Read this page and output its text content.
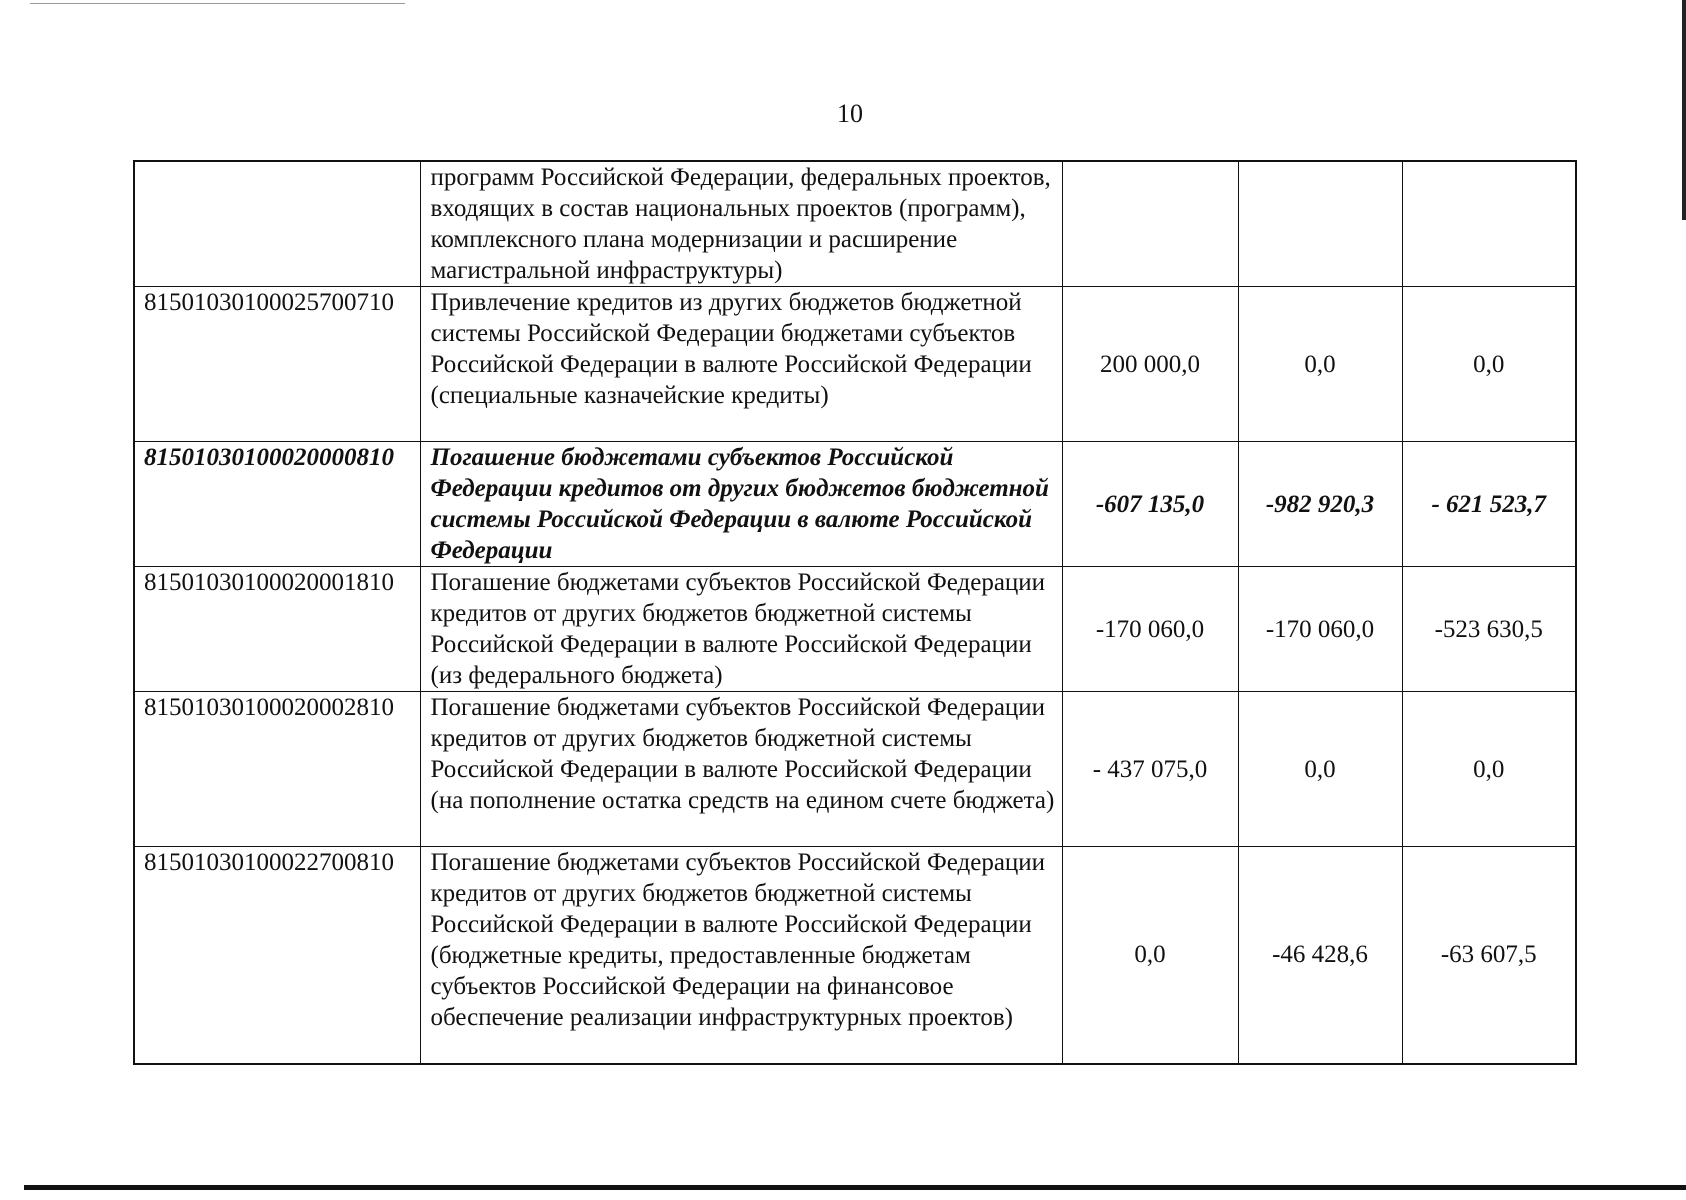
10
	программ Российской Федерации, федеральных проектов, входящих в состав национальных проектов (программ), комплексного плана модернизации и расширение магистральной инфраструктуры)			
81501030100025700710	Привлечение кредитов из других бюджетов бюджетной системы Российской Федерации бюджетами субъектов Российской Федерации в валюте Российской Федерации (специальные казначейские кредиты)	200 000,0	0,0	0,0
81501030100020000810	Погашение бюджетами субъектов Российской Федерации кредитов от других бюджетов бюджетной системы Российской Федерации в валюте Российской Федерации	-607 135,0	-982 920,3	- 621 523,7
81501030100020001810	Погашение бюджетами субъектов Российской Федерации кредитов от других бюджетов бюджетной системы Российской Федерации в валюте Российской Федерации (из федерального бюджета)	-170 060,0	-170 060,0	-523 630,5
81501030100020002810	Погашение бюджетами субъектов Российской Федерации кредитов от других бюджетов бюджетной системы Российской Федерации в валюте Российской Федерации (на пополнение остатка средств на едином счете бюджета)	- 437 075,0	0,0	0,0
81501030100022700810	Погашение бюджетами субъектов Российской Федерации кредитов от других бюджетов бюджетной системы Российской Федерации в валюте Российской Федерации (бюджетные кредиты, предоставленные бюджетам субъектов Российской Федерации на финансовое обеспечение реализации инфраструктурных проектов)	0,0	-46 428,6	-63 607,5
